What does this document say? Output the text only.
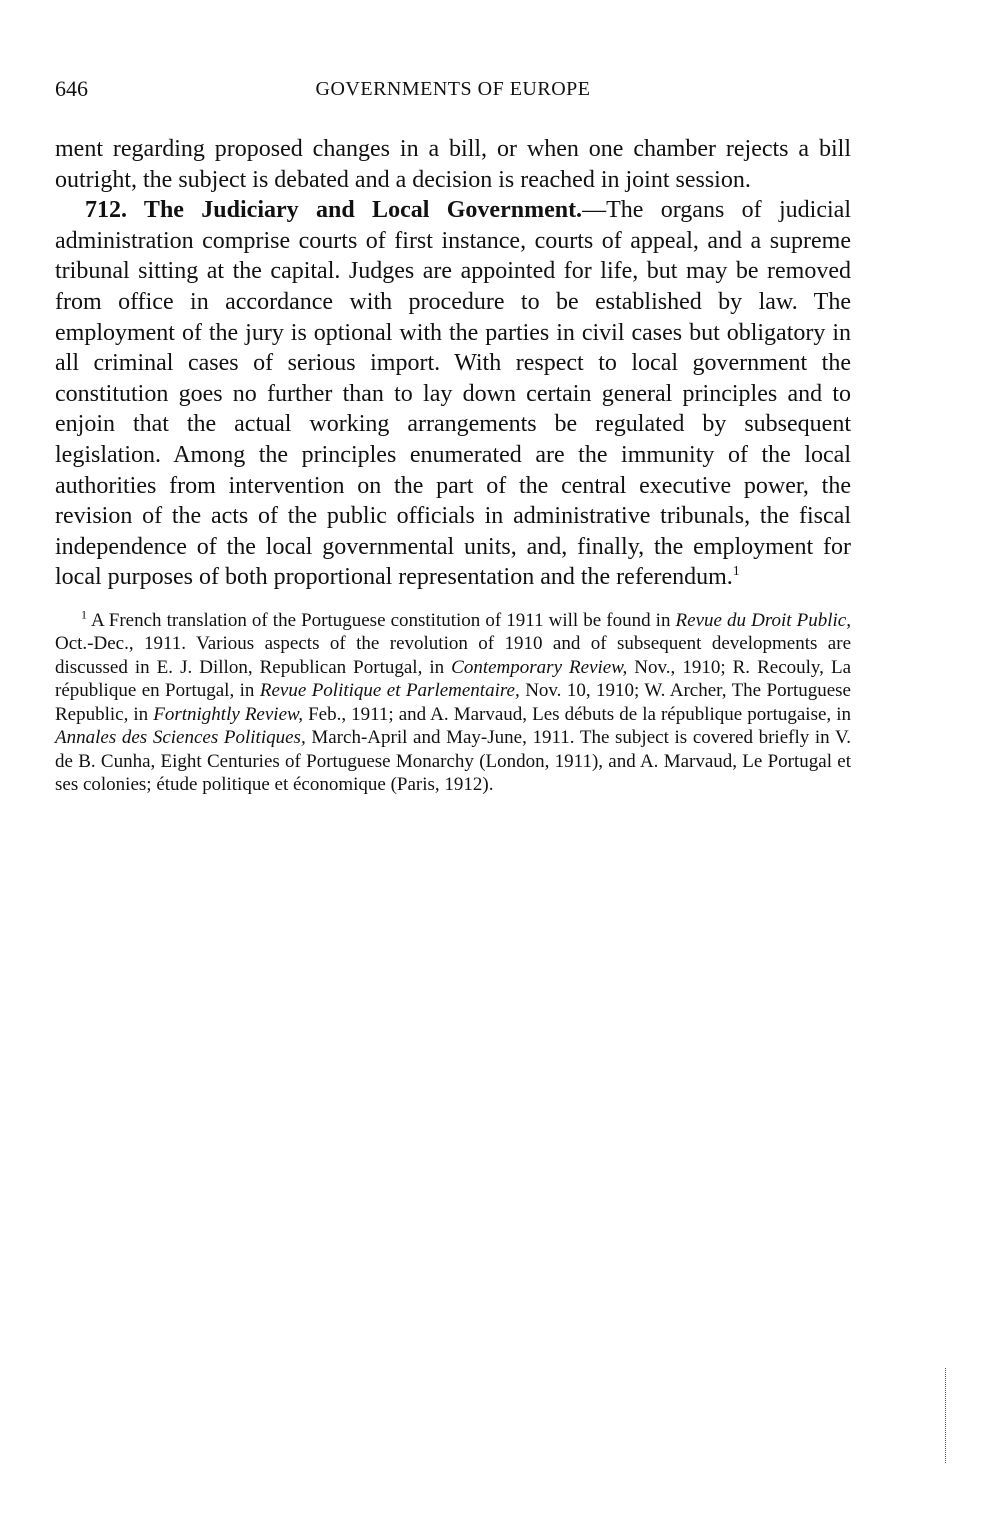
646	GOVERNMENTS OF EUROPE

ment regarding proposed changes in a bill, or when one chamber rejects a bill outright, the subject is debated and a decision is reached in joint session.

712. The Judiciary and Local Government.—The organs of judicial administration comprise courts of first instance, courts of appeal, and a supreme tribunal sitting at the capital. Judges are appointed for life, but may be removed from office in accordance with procedure to be established by law. The employment of the jury is optional with the parties in civil cases but obligatory in all criminal cases of serious import. With respect to local government the constitution goes no further than to lay down certain general principles and to enjoin that the actual working arrangements be regulated by subsequent legislation. Among the principles enumerated are the immunity of the local authorities from intervention on the part of the central executive power, the revision of the acts of the public officials in administrative tribunals, the fiscal independence of the local governmental units, and, finally, the employment for local purposes of both proportional representation and the referendum.$^1$

$^1$ A French translation of the Portuguese constitution of 1911 will be found in Revue du Droit Public, Oct.-Dec., 1911. Various aspects of the revolution of 1910 and of subsequent developments are discussed in E. J. Dillon, Republican Portugal, in Contemporary Review, Nov., 1910; R. Recouly, La république en Portugal, in Revue Politique et Parlementaire, Nov. 10, 1910; W. Archer, The Portuguese Republic, in Fortnightly Review, Feb., 1911; and A. Marvaud, Les débuts de la république portugaise, in Annales des Sciences Politiques, March-April and May-June, 1911. The subject is covered briefly in V. de B. Cunha, Eight Centuries of Portuguese Monarchy (London, 1911), and A. Marvaud, Le Portugal et ses colonies; étude politique et économique (Paris, 1912).
